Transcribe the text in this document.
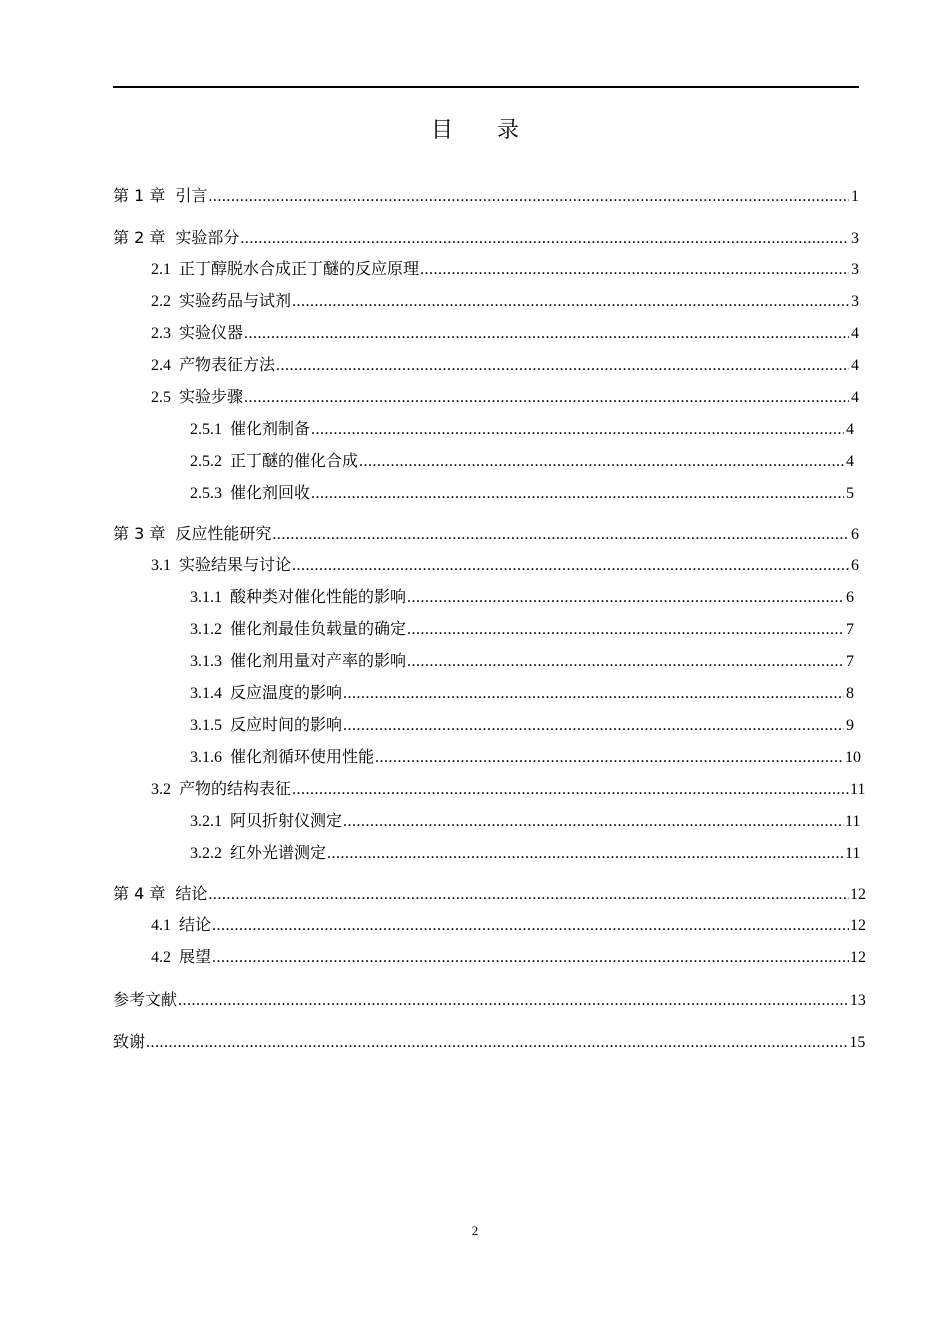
目　　录
第 1 章 引言 .....	1
第 2 章 实验部分 .....	3
2.1 正丁醇脱水合成正丁醚的反应原理 .....	3
2.2 实验药品与试剂 .....	3
2.3 实验仪器 .....	4
2.4 产物表征方法 .....	4
2.5 实验步骤 .....	4
2.5.1 催化剂制备 .....	4
2.5.2 正丁醚的催化合成 .....	4
2.5.3 催化剂回收 .....	5
第 3 章 反应性能研究 .....	6
3.1 实验结果与讨论 .....	6
3.1.1 酸种类对催化性能的影响 .....	6
3.1.2 催化剂最佳负载量的确定 .....	7
3.1.3 催化剂用量对产率的影响 .....	7
3.1.4 反应温度的影响 .....	8
3.1.5 反应时间的影响 .....	9
3.1.6 催化剂循环使用性能 .....	10
3.2 产物的结构表征 .....	11
3.2.1 阿贝折射仪测定 .....	11
3.2.2 红外光谱测定 .....	11
第 4 章 结论 .....	12
4.1 结论 .....	12
4.2 展望 .....	12
参考文献 .....	13
致谢 .....	15
2
